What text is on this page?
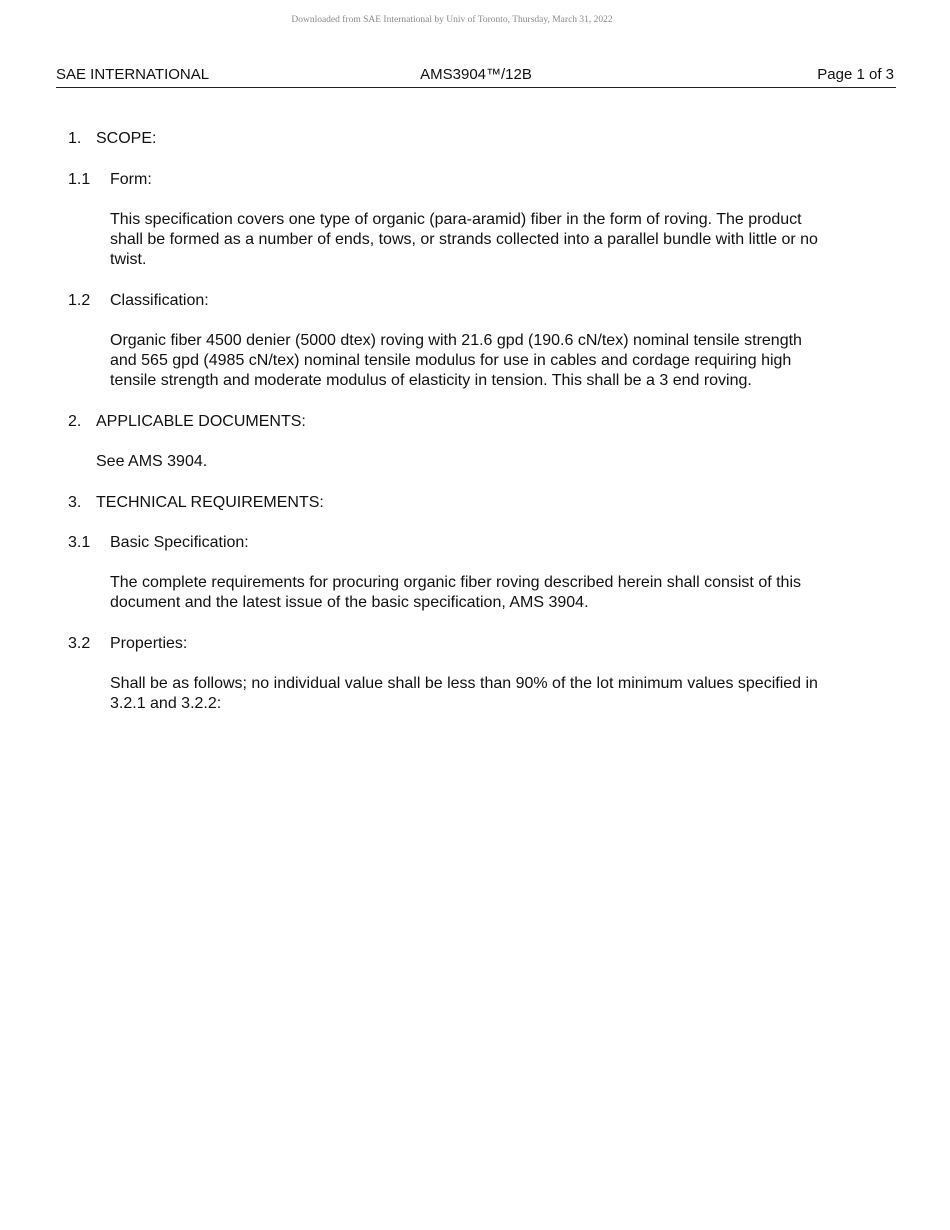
Downloaded from SAE International by Univ of Toronto, Thursday, March 31, 2022
SAE INTERNATIONAL	AMS3904™/12B	Page 1 of 3
1. SCOPE:
1.1 Form:
This specification covers one type of organic (para-aramid) fiber in the form of roving. The product
shall be formed as a number of ends, tows, or strands collected into a parallel bundle with little or no
twist.
1.2 Classification:
Organic fiber 4500 denier (5000 dtex) roving with 21.6 gpd (190.6 cN/tex) nominal tensile strength
and 565 gpd (4985 cN/tex) nominal tensile modulus for use in cables and cordage requiring high
tensile strength and moderate modulus of elasticity in tension. This shall be a 3 end roving.
2. APPLICABLE DOCUMENTS:
See AMS 3904.
3. TECHNICAL REQUIREMENTS:
3.1 Basic Specification:
The complete requirements for procuring organic fiber roving described herein shall consist of this
document and the latest issue of the basic specification, AMS 3904.
3.2 Properties:
Shall be as follows; no individual value shall be less than 90% of the lot minimum values specified in
3.2.1 and 3.2.2:
